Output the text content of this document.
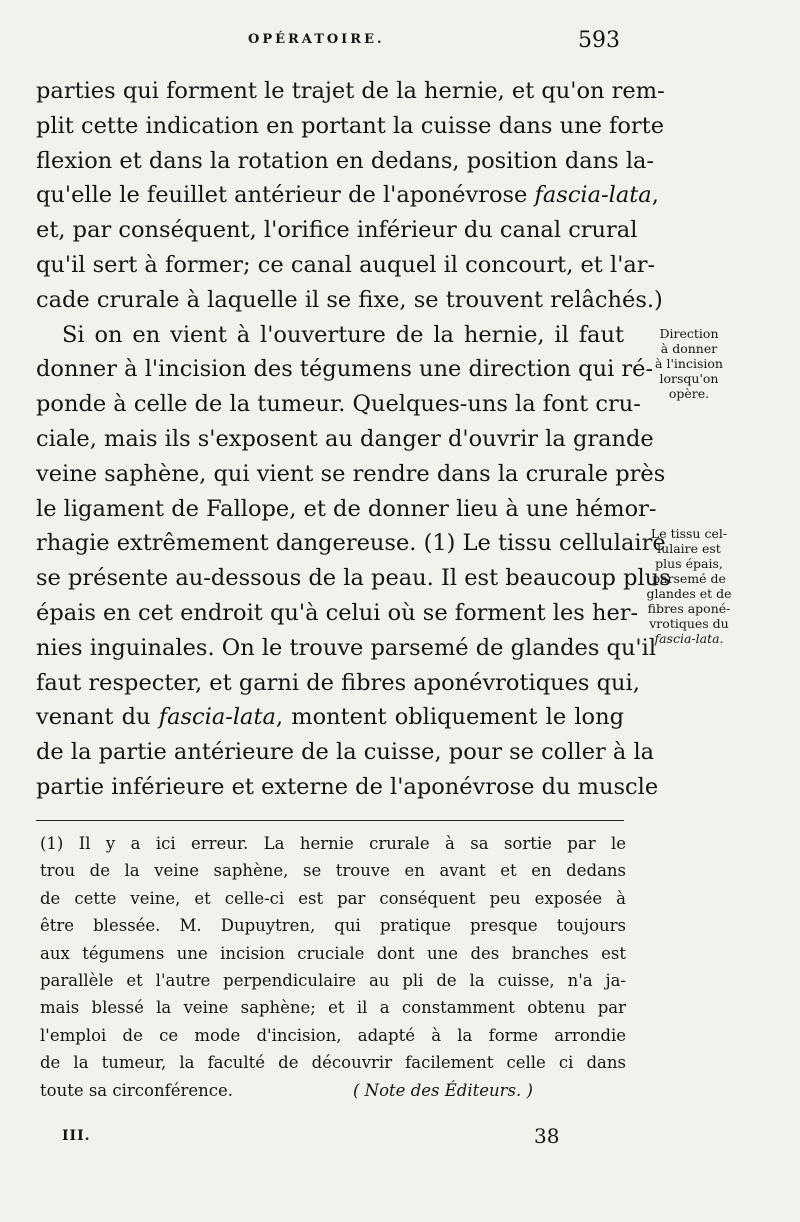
OPÉRATOIRE.	593
parties qui forment le trajet de la hernie, et qu'on rem-
plit cette indication en portant la cuisse dans une forte
flexion et dans la rotation en dedans, position dans la-
qu'elle le feuillet antérieur de l'aponévrose fascia-lata,
et, par conséquent, l'orifice inférieur du canal crural
qu'il sert à former; ce canal auquel il concourt, et l'ar-
cade crurale à laquelle il se fixe, se trouvent relâchés.)
Si on en vient à l'ouverture de la hernie, il faut
donner à l'incision des tégumens une direction qui ré-
ponde à celle de la tumeur. Quelques-uns la font cru-
ciale, mais ils s'exposent au danger d'ouvrir la grande
veine saphène, qui vient se rendre dans la crurale près
le ligament de Fallope, et de donner lieu à une hémor-
rhagie extrêmement dangereuse. (1) Le tissu cellulaire
se présente au-dessous de la peau. Il est beaucoup plus
épais en cet endroit qu'à celui où se forment les her-
nies inguinales. On le trouve parsemé de glandes qu'il
faut respecter, et garni de fibres aponévrotiques qui,
venant du fascia-lata, montent obliquement le long
de la partie antérieure de la cuisse, pour se coller à la
partie inférieure et externe de l'aponévrose du muscle
Direction
à donner
à l'incision
lorsqu'on
opère.
Le tissu cel-
lulaire est
plus épais,
parsemé de
glandes et de
fibres aponé-
vrotiques du
fascia-lata.
(1) Il y a ici erreur. La hernie crurale à sa sortie par le
trou de la veine saphène, se trouve en avant et en dedans
de cette veine, et celle-ci est par conséquent peu exposée à
être blessée. M. Dupuytren, qui pratique presque toujours
aux tégumens une incision cruciale dont une des branches est
parallèle et l'autre perpendiculaire au pli de la cuisse, n'a ja-
mais blessé la veine saphène; et il a constamment obtenu par
l'emploi de ce mode d'incision, adapté à la forme arrondie
de la tumeur, la faculté de découvrir facilement celle ci dans
toute sa circonférence.	( Note des Éditeurs. )
III.	38
